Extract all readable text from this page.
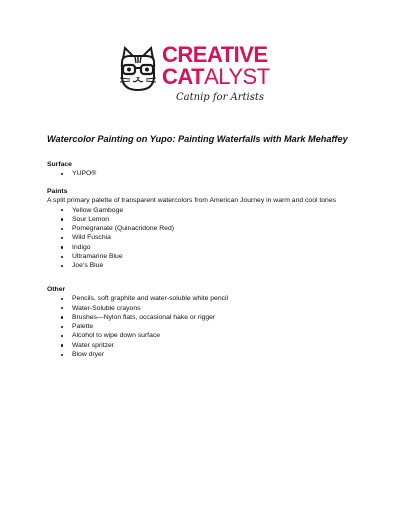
CREATIVE
CATALYST
Catnip for Artists
Watercolor Painting on Yupo: Painting Waterfalls with Mark Mehaffey
Surface
YUPO®
Paints
A split primary palette of transparent watercolors from American Journey in warm and cool tones
Yellow Gamboge
Sour Lemon
Pomegranate (Quinacridone Red)
Wild Fuschia
Indigo
Ultramarine Blue
Joe’s Blue
Other
Pencils, soft graphite and water-soluble white pencil
Water-Soluble crayons
Brushes—Nylon flats, occasional hake or rigger
Palette
Alcohol to wipe down surface
Water spritzer
Blow dryer
